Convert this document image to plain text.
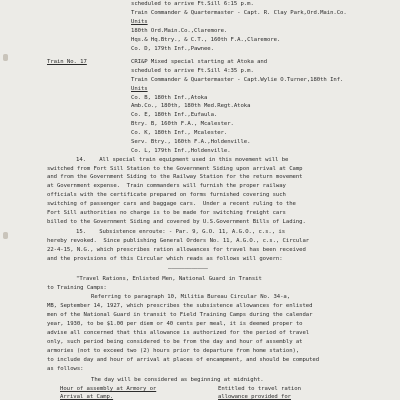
scheduled to arrive Ft.Sill 6:15 p.m.
Train Commander & Quartermaster - Capt. R. Clay Park,Ord.Main.Co.
Units
180th Ord.Main.Co.,Claremore.
Hqs.& Hq.Btry., & C.T., 160th F.A.,Claremore.
Co. D, 179th Inf.,Pawnee.
Train No. 17	CRI&P Mixed special starting at Atoka and
scheduled to arrive Ft.Sill 4:35 p.m.
Train Commander & Quartermaster - Capt.Wylie O.Turner,180th Inf.
Units
Co. B, 180th Inf.,Atoka
Amb.Co., 180th, 180th Med.Regt.Atoka
Co. E, 180th Inf.,Eufaula.
Btry. B, 160th F.A., Mcalester.
Co. K, 180th Inf., Mcalester.
Serv. Btry., 160th F.A.,Holdenville.
Co. L, 179th Inf.,Holdenville.
14.    All special train equipment used in this movement will be
switched from Fort Sill Station to the Government Siding upon arrival at Camp
and from the Government Siding to the Railway Station for the return movement
at Government expense.  Train commanders will furnish the proper railway
officials with the certificate prepared on forms furnished covering such
switching of passenger cars and baggage cars.  Under a recent ruling to the
Fort Sill authorities no charge is to be made for switching freight cars
billed to the Government Siding and covered by U.S.Government Bills of Lading.
15.    Subsistence enroute: - Par. 9, G.O. 11, A.G.O., c.s., is
hereby revoked.  Since publishing General Orders No. 11, A.G.O., c.s., Circular
22-4-15, N.G., which prescribes ration allowances for travel has been received
and the provisions of this Circular which reads as follows will govern:
————————————
"Travel Rations, Enlisted Men, National Guard in Transit
to Training Camps:
Referring to paragraph 10, Militia Bureau Circular No. 34-a,
MB, September 14, 1927, which prescribes the subsistence allowances for enlisted
men of the National Guard in transit to Field Training Camps during the calendar
year, 1930, to be $1.00 per diem or 40 cents per meal, it is deemed proper to
advise all concerned that this allowance is authorized for the period of travel
only, such period being considered to be from the day and hour of assembly at
armories (not to exceed two (2) hours prior to departure from home station),
to include day and hour of arrival at places of encampment, and should be computed
as follows:
The day will be considered as beginning at midnight.
Hour of assembly at Armory or	Entitled to travel ration
Arrival at Camp.	allowance provided for
